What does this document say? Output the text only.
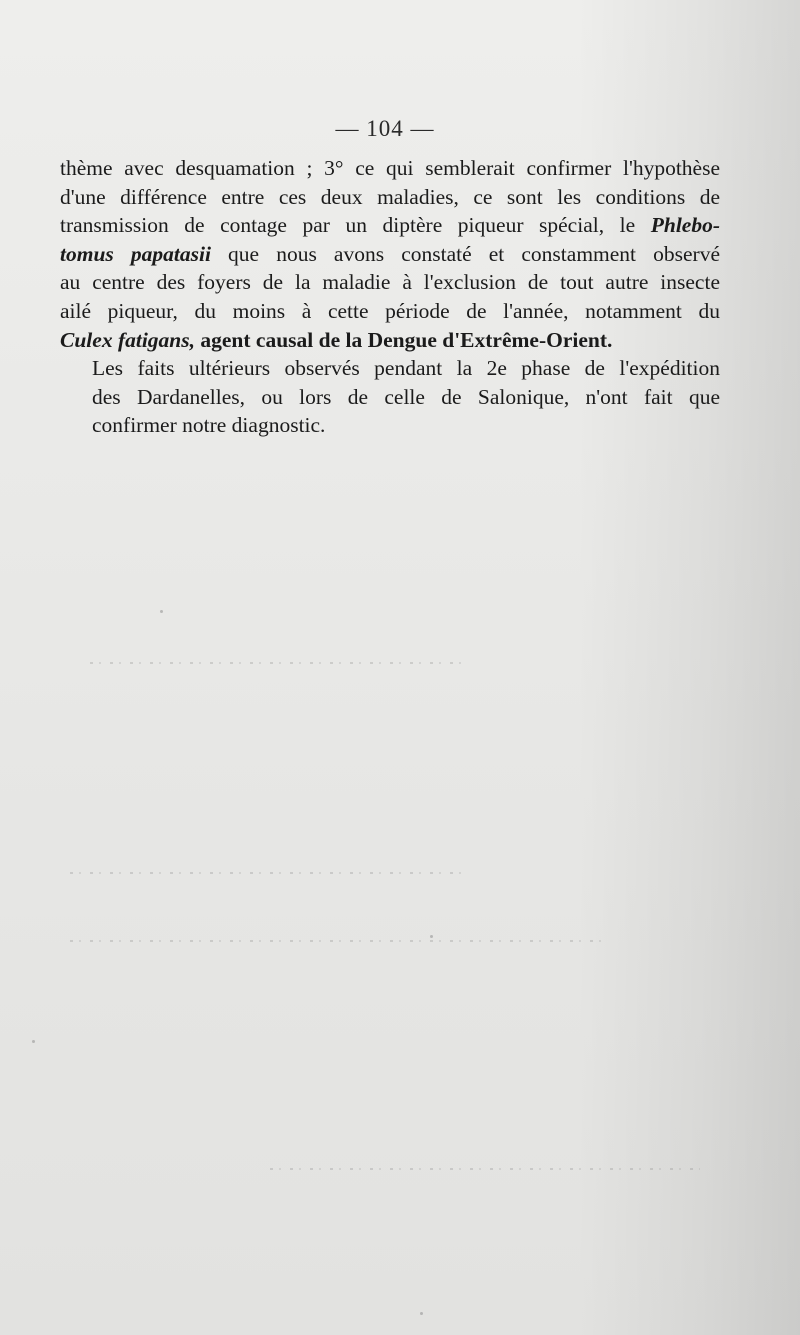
— 104 —

thème avec desquamation ; 3° ce qui semblerait confirmer l'hypothèse
d'une différence entre ces deux maladies, ce sont les conditions de
transmission de contage par un diptère piqueur spécial, le Phlebo-
tomus papatasii que nous avons constaté et constamment observé
au centre des foyers de la maladie à l'exclusion de tout autre insecte
ailé piqueur, du moins à cette période de l'année, notamment du
Culex fatigans, agent causal de la Dengue d'Extrême-Orient.

Les faits ultérieurs observés pendant la 2e phase de l'expédition
des Dardanelles, ou lors de celle de Salonique, n'ont fait que
confirmer notre diagnostic.
